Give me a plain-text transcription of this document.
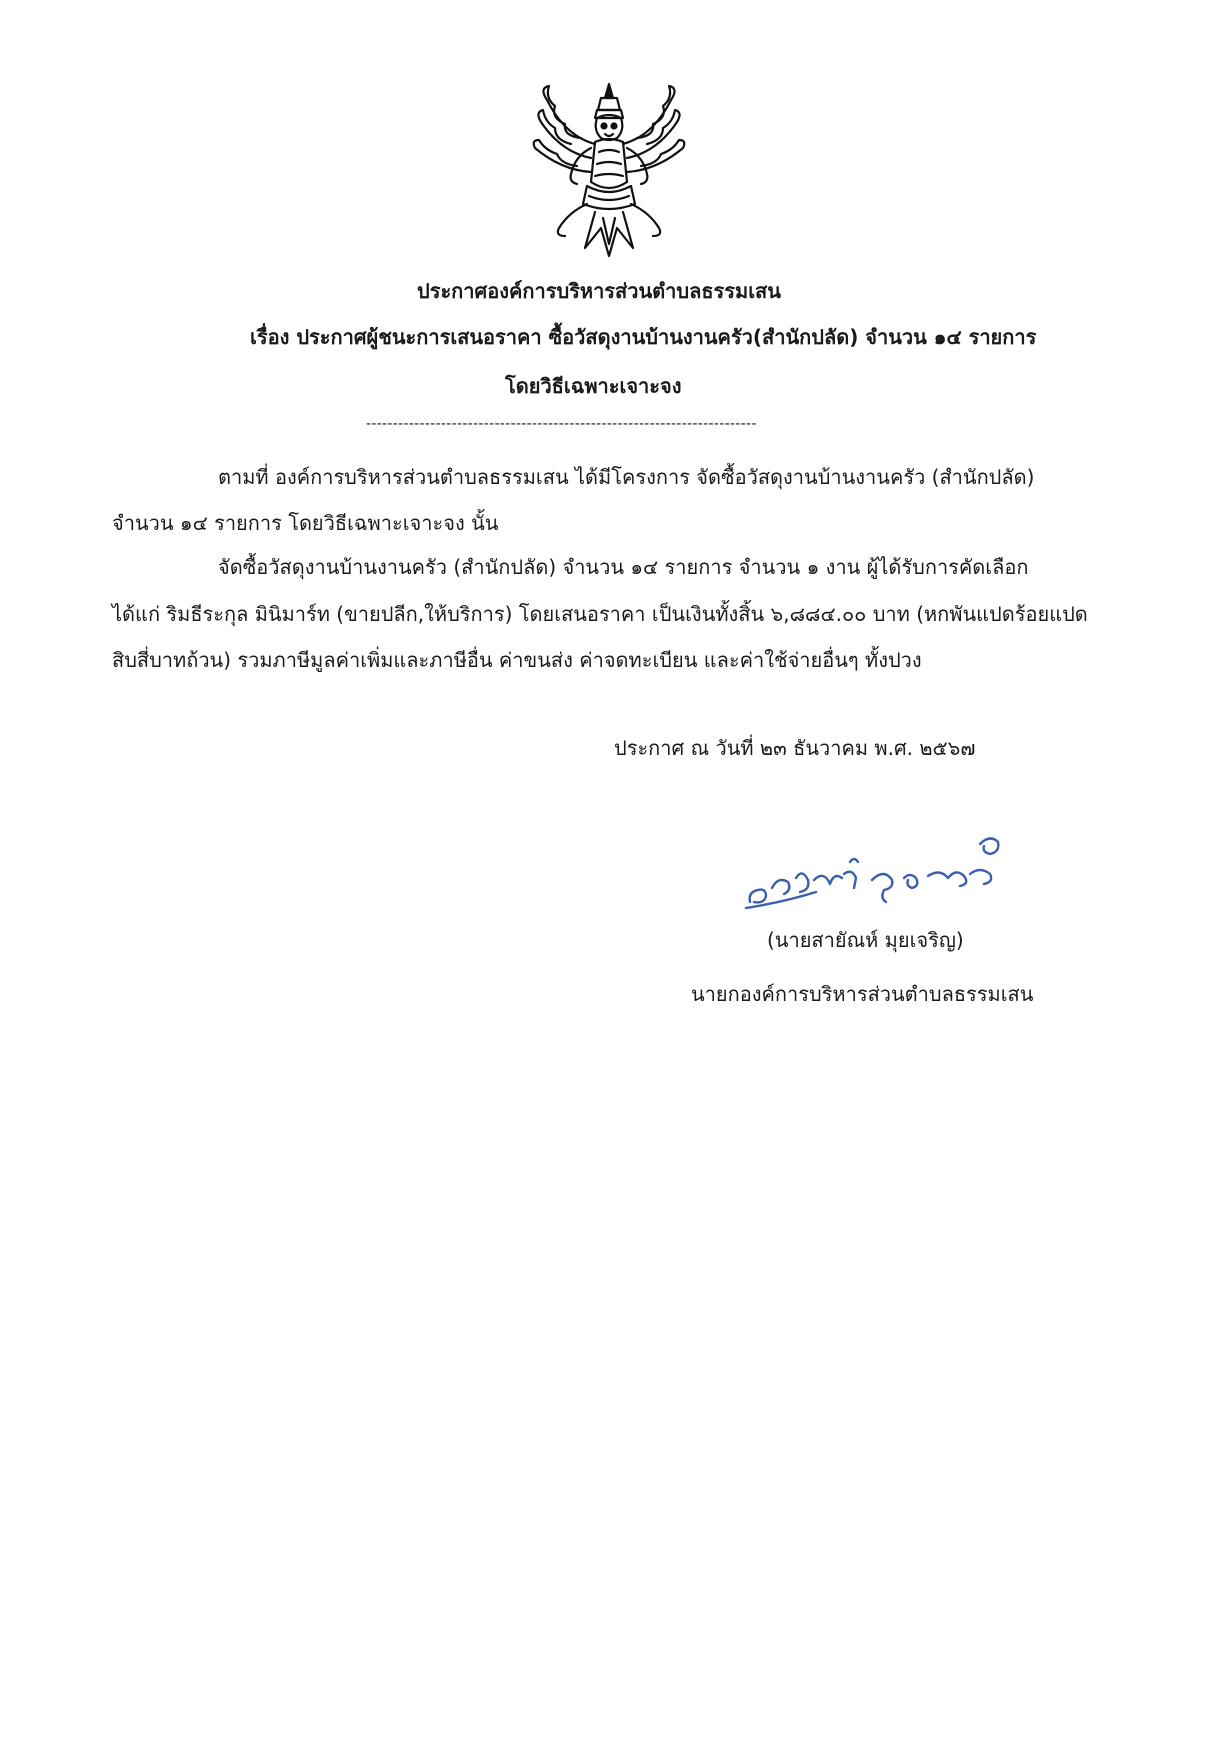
ประกาศองค์การบริหารส่วนตำบลธรรมเสน
เรื่อง ประกาศผู้ชนะการเสนอราคา ซื้อวัสดุงานบ้านงานครัว(สำนักปลัด) จำนวน ๑๔ รายการ
โดยวิธีเฉพาะเจาะจง
-------------------------------------------------------------------------
ตามที่ องค์การบริหารส่วนตำบลธรรมเสน ได้มีโครงการ จัดซื้อวัสดุงานบ้านงานครัว (สำนักปลัด)
จำนวน ๑๔ รายการ โดยวิธีเฉพาะเจาะจง นั้น
จัดซื้อวัสดุงานบ้านงานครัว (สำนักปลัด) จำนวน ๑๔ รายการ จำนวน ๑ งาน ผู้ได้รับการคัดเลือก
ได้แก่ ริมธีระกุล มินิมาร์ท (ขายปลีก,ให้บริการ) โดยเสนอราคา เป็นเงินทั้งสิ้น ๖,๘๘๔.๐๐ บาท (หกพันแปดร้อยแปด
สิบสี่บาทถ้วน) รวมภาษีมูลค่าเพิ่มและภาษีอื่น ค่าขนส่ง ค่าจดทะเบียน และค่าใช้จ่ายอื่นๆ ทั้งปวง
ประกาศ ณ วันที่ ๒๓ ธันวาคม พ.ศ. ๒๕๖๗
(นายสายัณห์ มุยเจริญ)
นายกองค์การบริหารส่วนตำบลธรรมเสน
